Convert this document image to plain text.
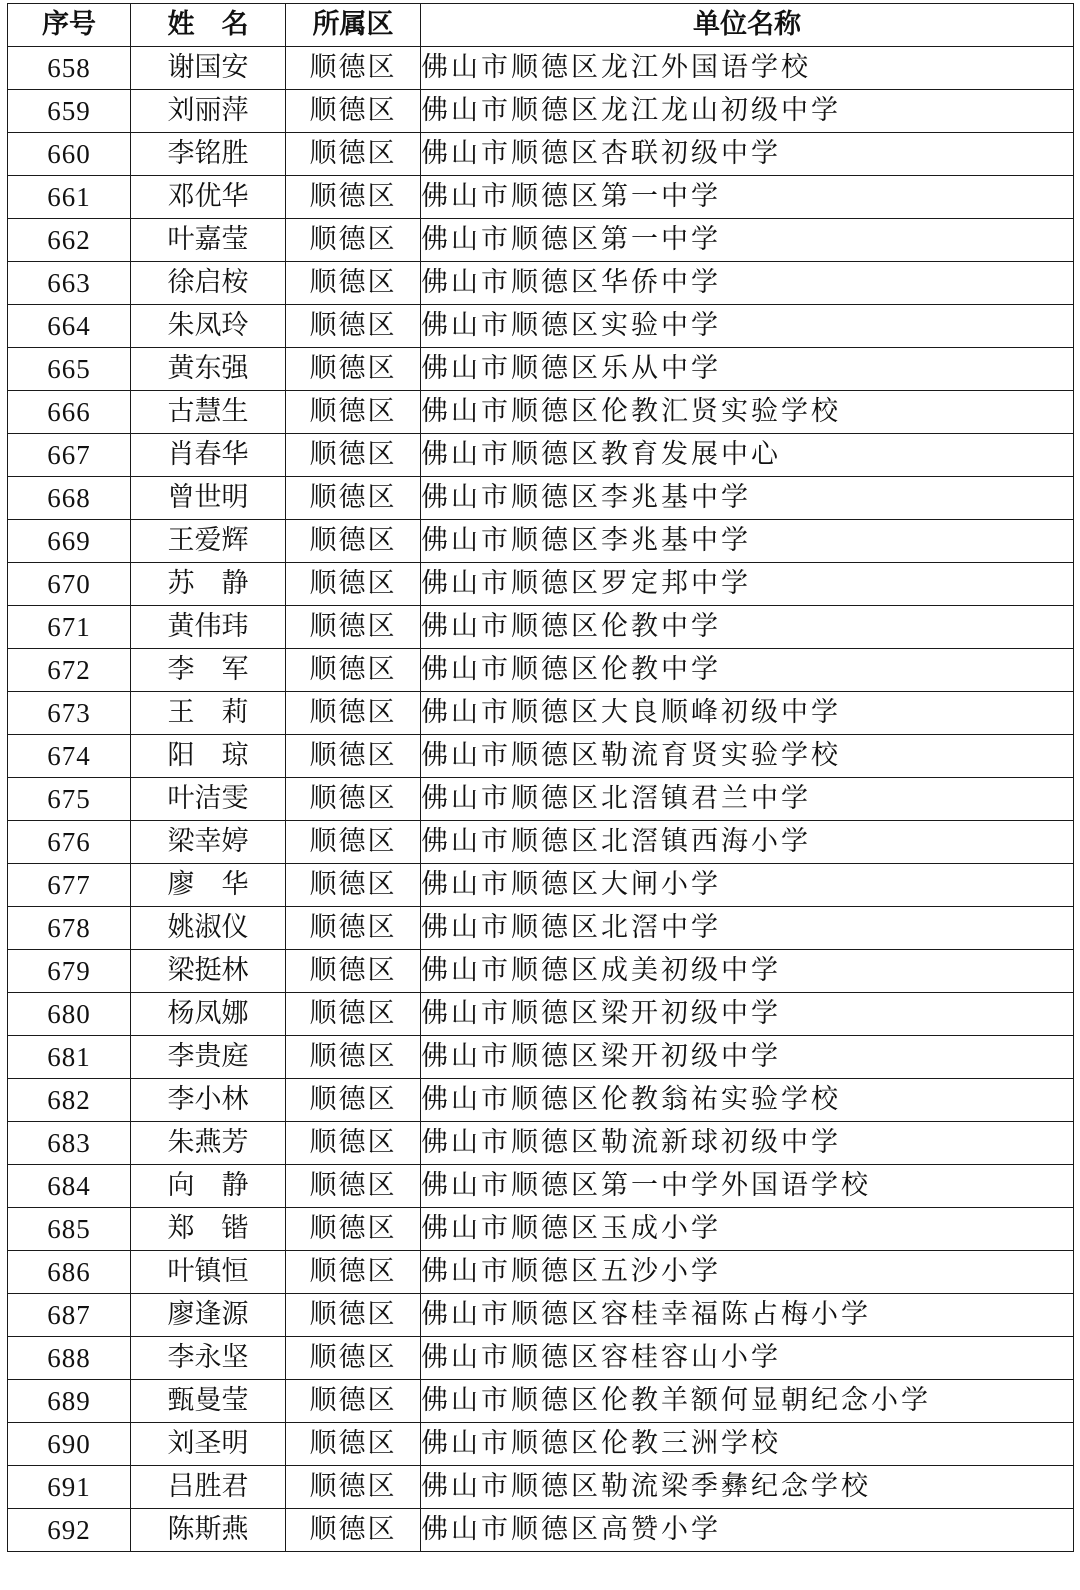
序号	姓　名	所属区	单位名称
658	谢国安	顺德区	佛山市顺德区龙江外国语学校
659	刘丽萍	顺德区	佛山市顺德区龙江龙山初级中学
660	李铭胜	顺德区	佛山市顺德区杏联初级中学
661	邓优华	顺德区	佛山市顺德区第一中学
662	叶嘉莹	顺德区	佛山市顺德区第一中学
663	徐启桉	顺德区	佛山市顺德区华侨中学
664	朱凤玲	顺德区	佛山市顺德区实验中学
665	黄东强	顺德区	佛山市顺德区乐从中学
666	古慧生	顺德区	佛山市顺德区伦教汇贤实验学校
667	肖春华	顺德区	佛山市顺德区教育发展中心
668	曾世明	顺德区	佛山市顺德区李兆基中学
669	王爱辉	顺德区	佛山市顺德区李兆基中学
670	苏　静	顺德区	佛山市顺德区罗定邦中学
671	黄伟玮	顺德区	佛山市顺德区伦教中学
672	李　军	顺德区	佛山市顺德区伦教中学
673	王　莉	顺德区	佛山市顺德区大良顺峰初级中学
674	阳　琼	顺德区	佛山市顺德区勒流育贤实验学校
675	叶洁雯	顺德区	佛山市顺德区北滘镇君兰中学
676	梁幸婷	顺德区	佛山市顺德区北滘镇西海小学
677	廖　华	顺德区	佛山市顺德区大闸小学
678	姚淑仪	顺德区	佛山市顺德区北滘中学
679	梁挺林	顺德区	佛山市顺德区成美初级中学
680	杨凤娜	顺德区	佛山市顺德区梁开初级中学
681	李贵庭	顺德区	佛山市顺德区梁开初级中学
682	李小林	顺德区	佛山市顺德区伦教翁祐实验学校
683	朱燕芳	顺德区	佛山市顺德区勒流新球初级中学
684	向　静	顺德区	佛山市顺德区第一中学外国语学校
685	郑　锴	顺德区	佛山市顺德区玉成小学
686	叶镇恒	顺德区	佛山市顺德区五沙小学
687	廖逢源	顺德区	佛山市顺德区容桂幸福陈占梅小学
688	李永坚	顺德区	佛山市顺德区容桂容山小学
689	甄曼莹	顺德区	佛山市顺德区伦教羊额何显朝纪念小学
690	刘圣明	顺德区	佛山市顺德区伦教三洲学校
691	吕胜君	顺德区	佛山市顺德区勒流梁季彝纪念学校
692	陈斯燕	顺德区	佛山市顺德区高赞小学
